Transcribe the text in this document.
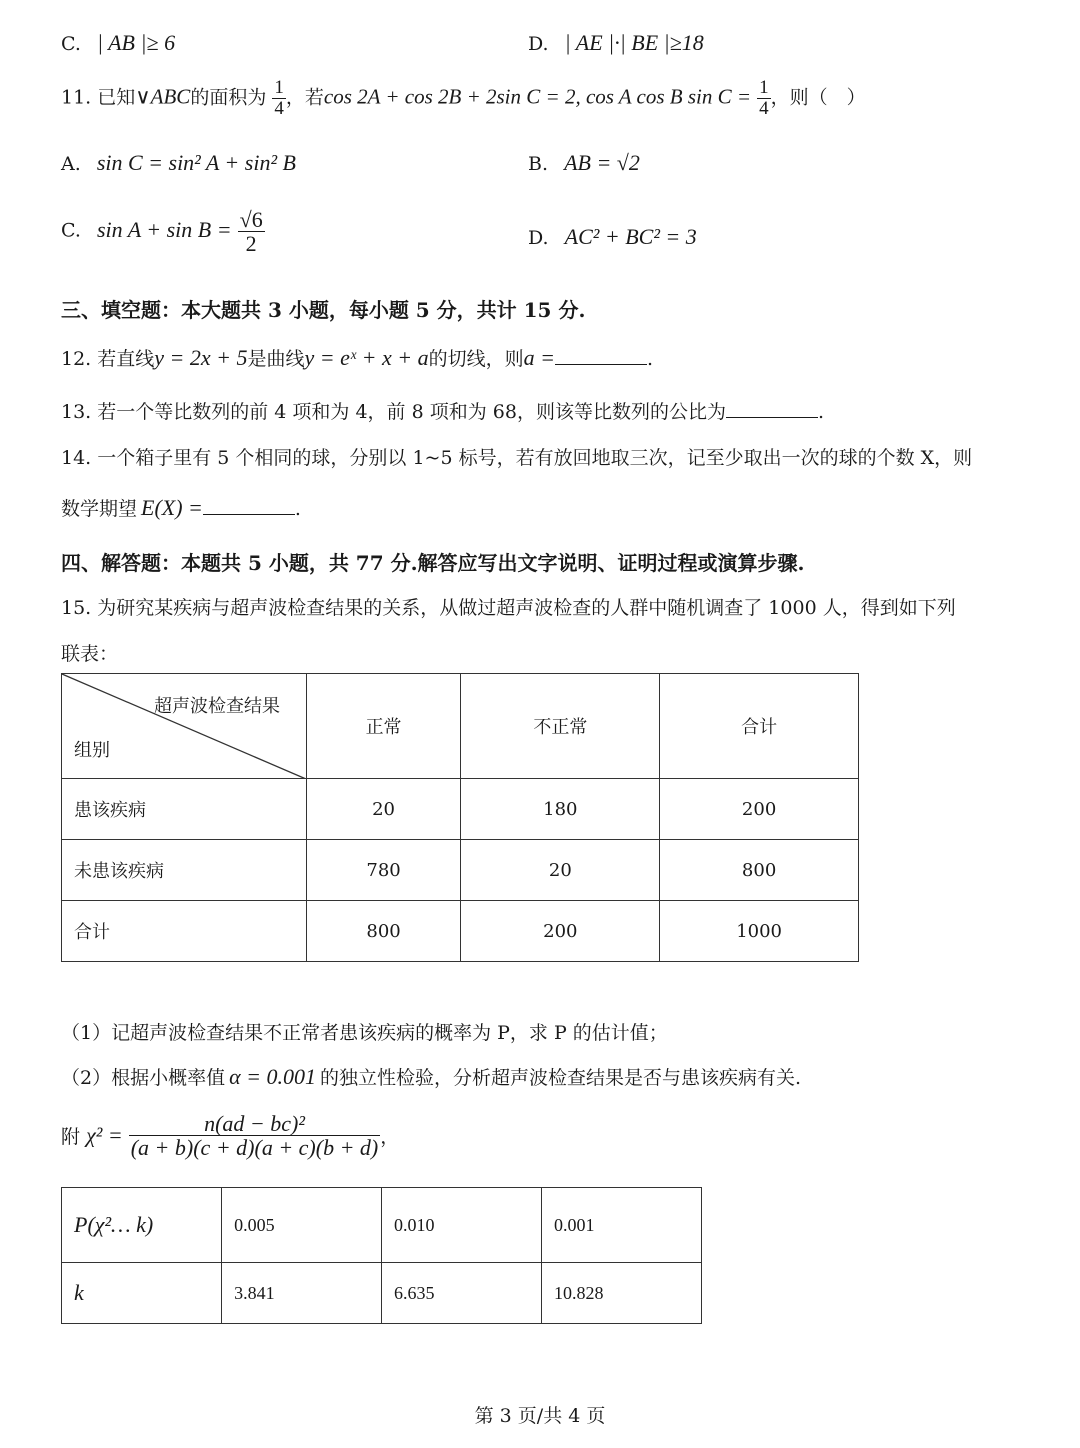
C. | AB |≥ 6	D. | AE |·| BE |≥18
11. 已知∨ABC的面积为 $\frac{1}{4}$ ，若cos 2A + cos 2B + 2sin C = 2, cos A cos B $\sin C = \frac{1}{4}$ ，则（　）
A. sin C = sin² A + sin² B	B. AB = √2
C. $\sin A + \sin B = \frac{√6}{2}$	D. AC² + BC² = 3
三、填空题：本大题共 3 小题，每小题 5 分，共计 15 分.
12. 若直线y = 2x + 5是曲线y = eˣ + x + a的切线，则a =	.
13. 若一个等比数列的前 4 项和为 4，前 8 项和为 68，则该等比数列的公比为	.
14. 一个箱子里有 5 个相同的球，分别以 1~5 标号，若有放回地取三次，记至少取出一次的球的个数 X，则
数学期望 E(X) =	.
四、解答题：本题共 5 小题，共 77 分.解答应写出文字说明、证明过程或演算步骤.
15. 为研究某疾病与超声波检查结果的关系，从做过超声波检查的人群中随机调查了 1000 人，得到如下列
联表：
超声波检查结果
组别	正常	不正常	合计
患该疾病	20	180	200
未患该疾病	780	20	800
合计	800	200	1000
（1）记超声波检查结果不正常者患该疾病的概率为 P，求 P 的估计值；
（2）根据小概率值 α = 0.001 的独立性检验，分析超声波检查结果是否与患该疾病有关.
附 $\chi^2 = \frac{\text{n(ad − bc)²}}{(a + b)(c + d)(a + c)(b + d)}$ ，
P(χ²… k)	0.005	0.010	0.001
k	3.841	6.635	10.828
第 3 页/共 4 页
